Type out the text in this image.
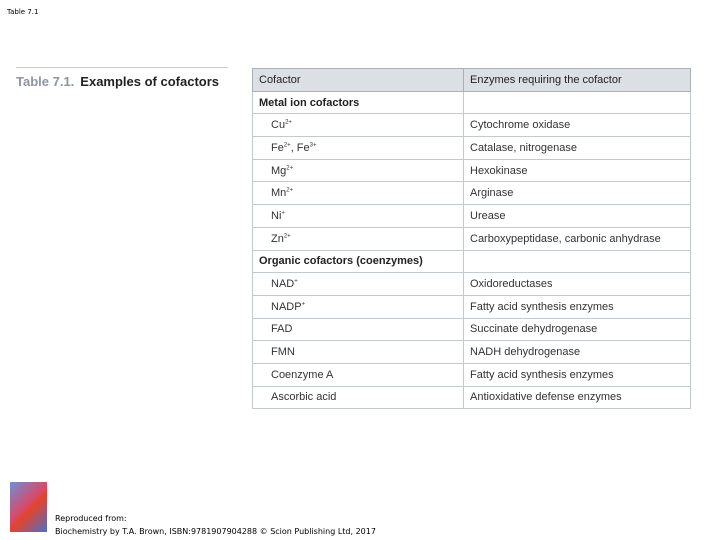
Table 7.1
Table 7.1. Examples of cofactors	Cofactor	Enzymes requiring the cofactor
Metal ion cofactors	
$Cu^{2+}$	Cytochrome oxidase
$Fe^{2+}$, $Fe^{3+}$	Catalase, nitrogenase
$Mg^{2+}$	Hexokinase
$Mn^{2+}$	Arginase
Ni+	Urease
$Zn^{2+}$	Carboxypeptidase, carbonic anhydrase
Organic cofactors (coenzymes)	
NAD+	Oxidoreductases
NADP+	Fatty acid synthesis enzymes
FAD	Succinate dehydrogenase
FMN	NADH dehydrogenase
Coenzyme A	Fatty acid synthesis enzymes
Ascorbic acid	Antioxidative defense enzymes
Reproduced from:
Biochemistry by T.A. Brown, ISBN:9781907904288 © Scion Publishing Ltd, 2017
